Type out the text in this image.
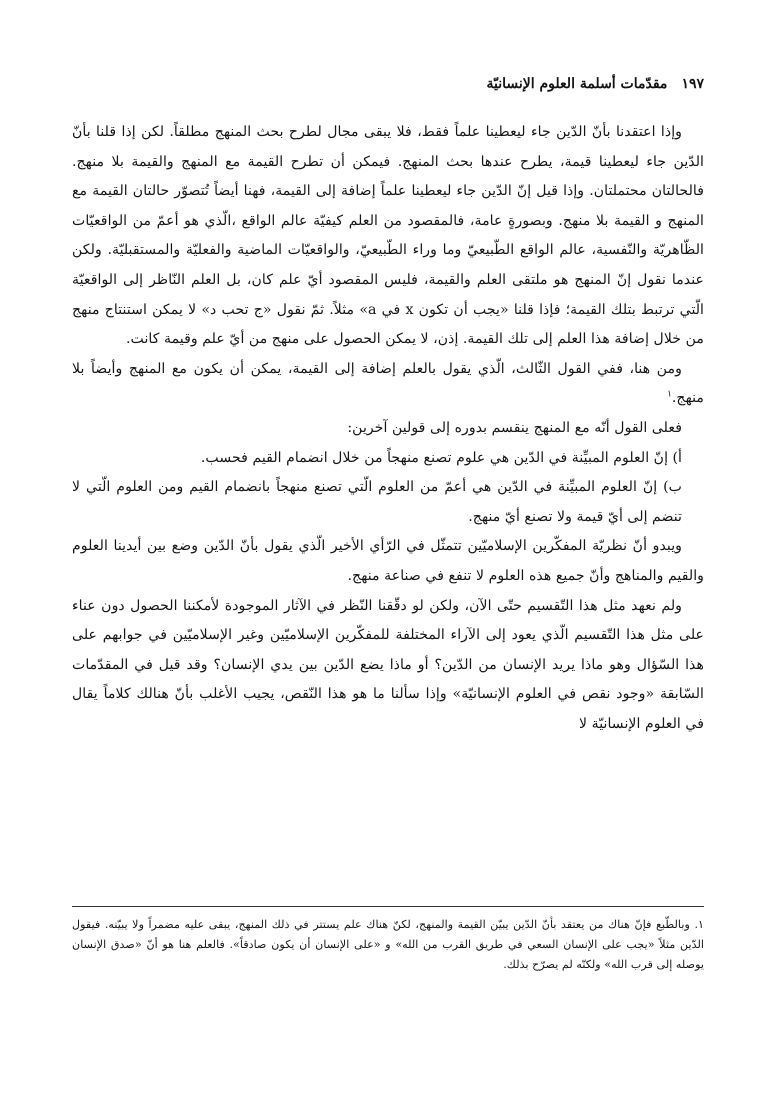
١٩٧
مقدّمات أسلمة العلوم الإنسانيّة

وإذا اعتقدنا بأنّ الدّين جاء ليعطينا علماً فقط، فلا يبقى مجال لطرح بحث المنهج مطلقاً. لكن إذا قلنا بأنّ الدّين جاء ليعطينا قيمة، يطرح عندها بحث المنهج. فيمكن أن تطرح القيمة مع المنهج والقيمة بلا منهج. فالحالتان محتملتان. وإذا قيل إنّ الدّين جاء ليعطينا علماً إضافة إلى القيمة، فهنا أيضاً تُتصوّر حالتان القيمة مع المنهج و القيمة بلا منهج. وبصورةٍ عامة، فالمقصود من العلم كيفيّة عالم الواقع ،الّذي هو أعمّ من الواقعيّات الظّاهريّة والنّفسية، عالم الواقع الطّبيعيّ وما وراء الطّبيعيّ، والواقعيّات الماضية والفعليّة والمستقبليّة. ولكن عندما نقول إنّ المنهج هو ملتقى العلم والقيمة، فليس المقصود أيّ علم كان، بل العلم النّاظر إلى الواقعيّة الّتي ترتبط بتلك القيمة؛ فإذا قلنا «يجب أن تكون x في a» مثلاً. ثمّ نقول «ج تحب د» لا يمكن استنتاج منهج من خلال إضافة هذا العلم إلى تلك القيمة. إذن، لا يمكن الحصول على منهج من أيّ علم وقيمة كانت.

ومن هنا، ففي القول الثّالث، الّذي يقول بالعلم إضافة إلى القيمة، يمكن أن يكون مع المنهج وأيضاً بلا منهج.$^١$

فعلى القول أنّه مع المنهج ينقسم بدوره إلى قولين آخرين:

أ) إنّ العلوم المبيِّنة في الدّين هي علوم تصنع منهجاً من خلال انضمام القيم فحسب.

ب) إنّ العلوم المبيِّنة في الدّين هي أعمّ من العلوم الّتي تصنع منهجاً بانضمام القيم ومن العلوم الّتي لا تنضم إلى أيّ قيمة ولا تصنع أيّ منهج.

ويبدو أنّ نظريّة المفكّرين الإسلاميّين تتمثّل في الرّأي الأخير الّذي يقول بأنّ الدّين وضع بين أيدينا العلوم والقيم والمناهج وأنّ جميع هذه العلوم لا تنفع في صناعة منهج.

ولم نعهد مثل هذا التّقسيم حتّى الآن، ولكن لو دقّقنا النّظر في الآثار الموجودة لأمكننا الحصول دون عناء على مثل هذا التّقسيم الّذي يعود إلى الآراء المختلفة للمفكّرين الإسلاميّين وغير الإسلاميّين في جوابهم على هذا السّؤال وهو ماذا يريد الإنسان من الدّين؟ أو ماذا يضع الدّين بين يدي الإنسان؟ وقد قيل في المقدّمات السّابقة «وجود نقص في العلوم الإنسانيّة» وإذا سألنا ما هو هذا النّقص، يجيب الأغلب بأنّ هنالك كلاماً يقال في العلوم الإنسانيّة لا

١. وبالطّبع فإنّ هناك من يعتقد بأنّ الدّين يبيّن القيمة والمنهج، لكنّ هناك علم يستتر في ذلك المنهج، يبقى عليه مضمراً ولا يبيّنه. فيقول الدّين مثلاً «يجب على الإنسان السعي في طريق القرب من الله» و «على الإنسان أن يكون صادقاً». فالعلم هنا هو أنّ «صدق الإنسان يوصله إلى قرب الله» ولكنّه لم يصرّح بذلك.
